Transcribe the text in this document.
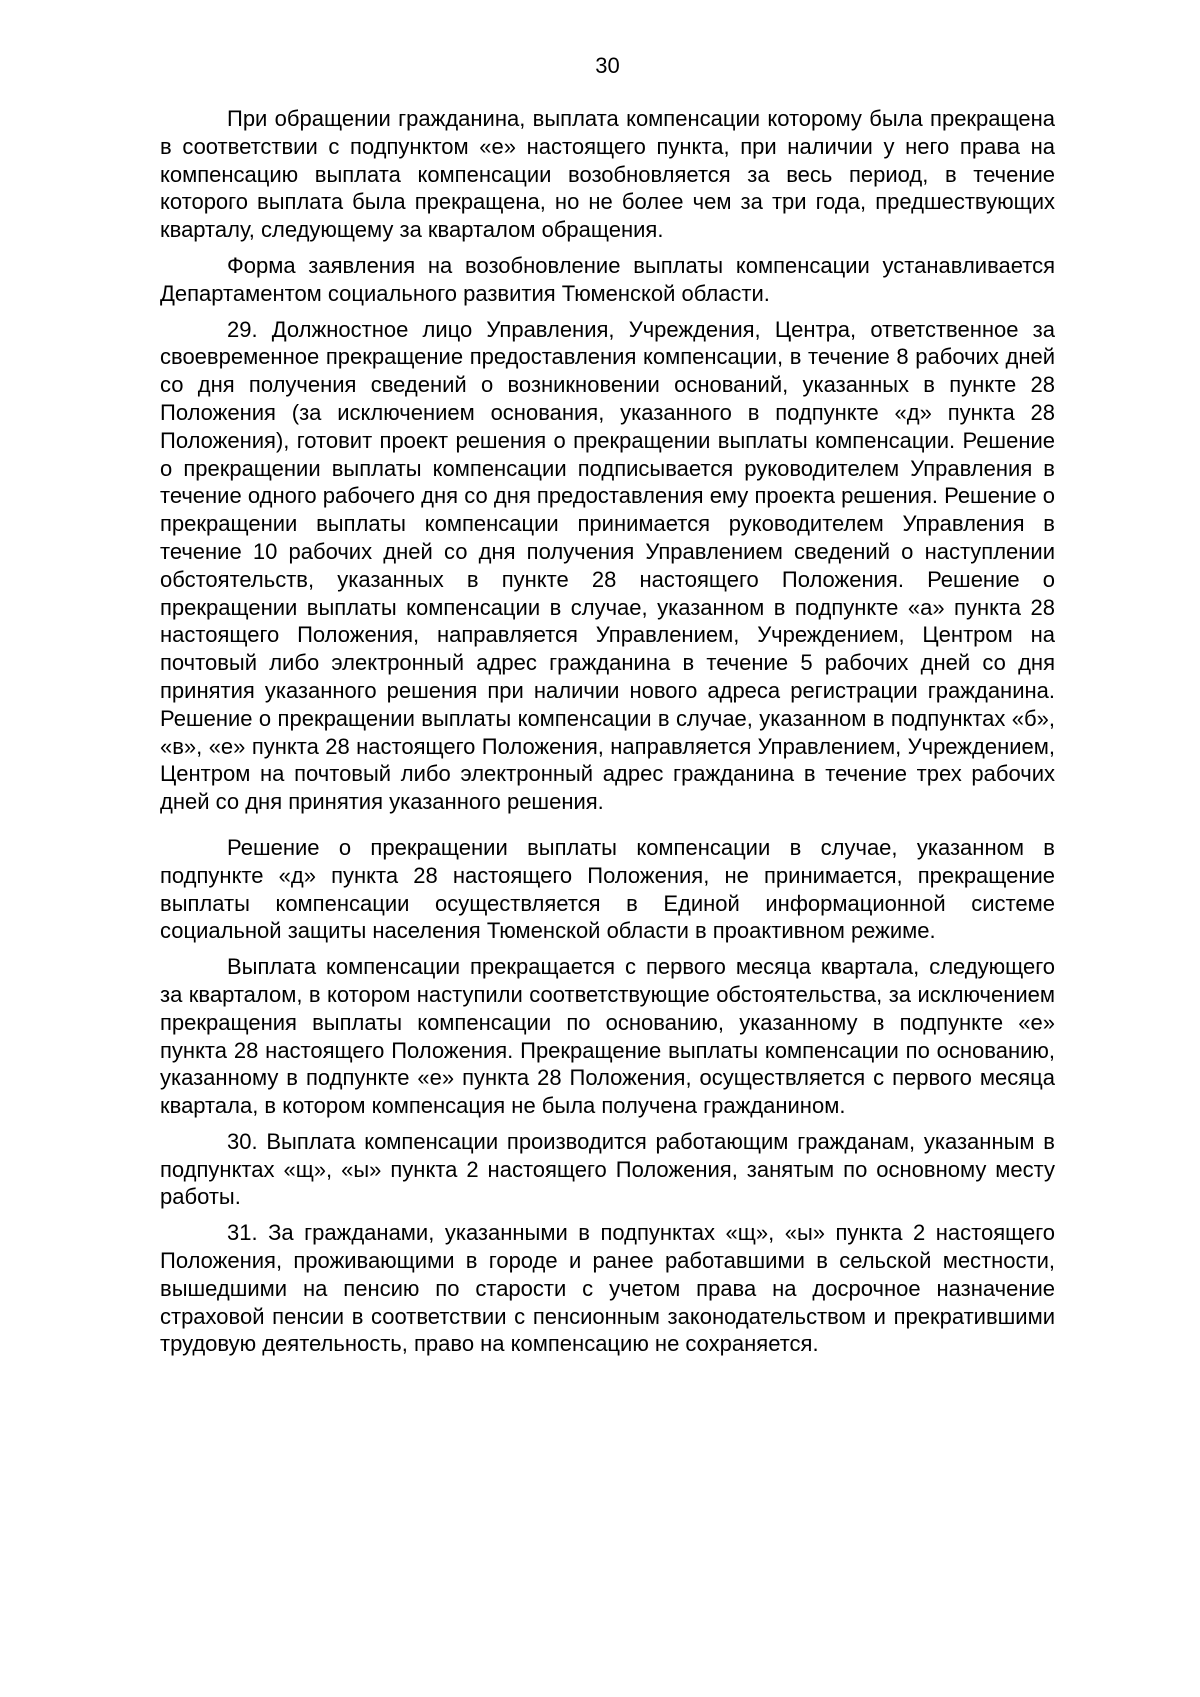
30

При обращении гражданина, выплата компенсации которому была прекращена в соответствии с подпунктом «е» настоящего пункта, при наличии у него права на компенсацию выплата компенсации возобновляется за весь период, в течение которого выплата была прекращена, но не более чем за три года, предшествующих кварталу, следующему за кварталом обращения.

Форма заявления на возобновление выплаты компенсации устанавливается Департаментом социального развития Тюменской области.

29. Должностное лицо Управления, Учреждения, Центра, ответственное за своевременное прекращение предоставления компенсации, в течение 8 рабочих дней со дня получения сведений о возникновении оснований, указанных в пункте 28 Положения (за исключением основания, указанного в подпункте «д» пункта 28 Положения), готовит проект решения о прекращении выплаты компенсации. Решение о прекращении выплаты компенсации подписывается руководителем Управления в течение одного рабочего дня со дня предоставления ему проекта решения. Решение о прекращении выплаты компенсации принимается руководителем Управления в течение 10 рабочих дней со дня получения Управлением сведений о наступлении обстоятельств, указанных в пункте 28 настоящего Положения. Решение о прекращении выплаты компенсации в случае, указанном в подпункте «а» пункта 28 настоящего Положения, направляется Управлением, Учреждением, Центром на почтовый либо электронный адрес гражданина в течение 5 рабочих дней со дня принятия указанного решения при наличии нового адреса регистрации гражданина. Решение о прекращении выплаты компенсации в случае, указанном в подпунктах «б», «в», «е» пункта 28 настоящего Положения, направляется Управлением, Учреждением, Центром на почтовый либо электронный адрес гражданина в течение трех рабочих дней со дня принятия указанного решения.

Решение о прекращении выплаты компенсации в случае, указанном в подпункте «д» пункта 28 настоящего Положения, не принимается, прекращение выплаты компенсации осуществляется в Единой информационной системе социальной защиты населения Тюменской области в проактивном режиме.

Выплата компенсации прекращается с первого месяца квартала, следующего за кварталом, в котором наступили соответствующие обстоятельства, за исключением прекращения выплаты компенсации по основанию, указанному в подпункте «е» пункта 28 настоящего Положения. Прекращение выплаты компенсации по основанию, указанному в подпункте «е» пункта 28 Положения, осуществляется с первого месяца квартала, в котором компенсация не была получена гражданином.

30. Выплата компенсации производится работающим гражданам, указанным в подпунктах «щ», «ы» пункта 2 настоящего Положения, занятым по основному месту работы.

31. За гражданами, указанными в подпунктах «щ», «ы» пункта 2 настоящего Положения, проживающими в городе и ранее работавшими в сельской местности, вышедшими на пенсию по старости с учетом права на досрочное назначение страховой пенсии в соответствии с пенсионным законодательством и прекратившими трудовую деятельность, право на компенсацию не сохраняется.
